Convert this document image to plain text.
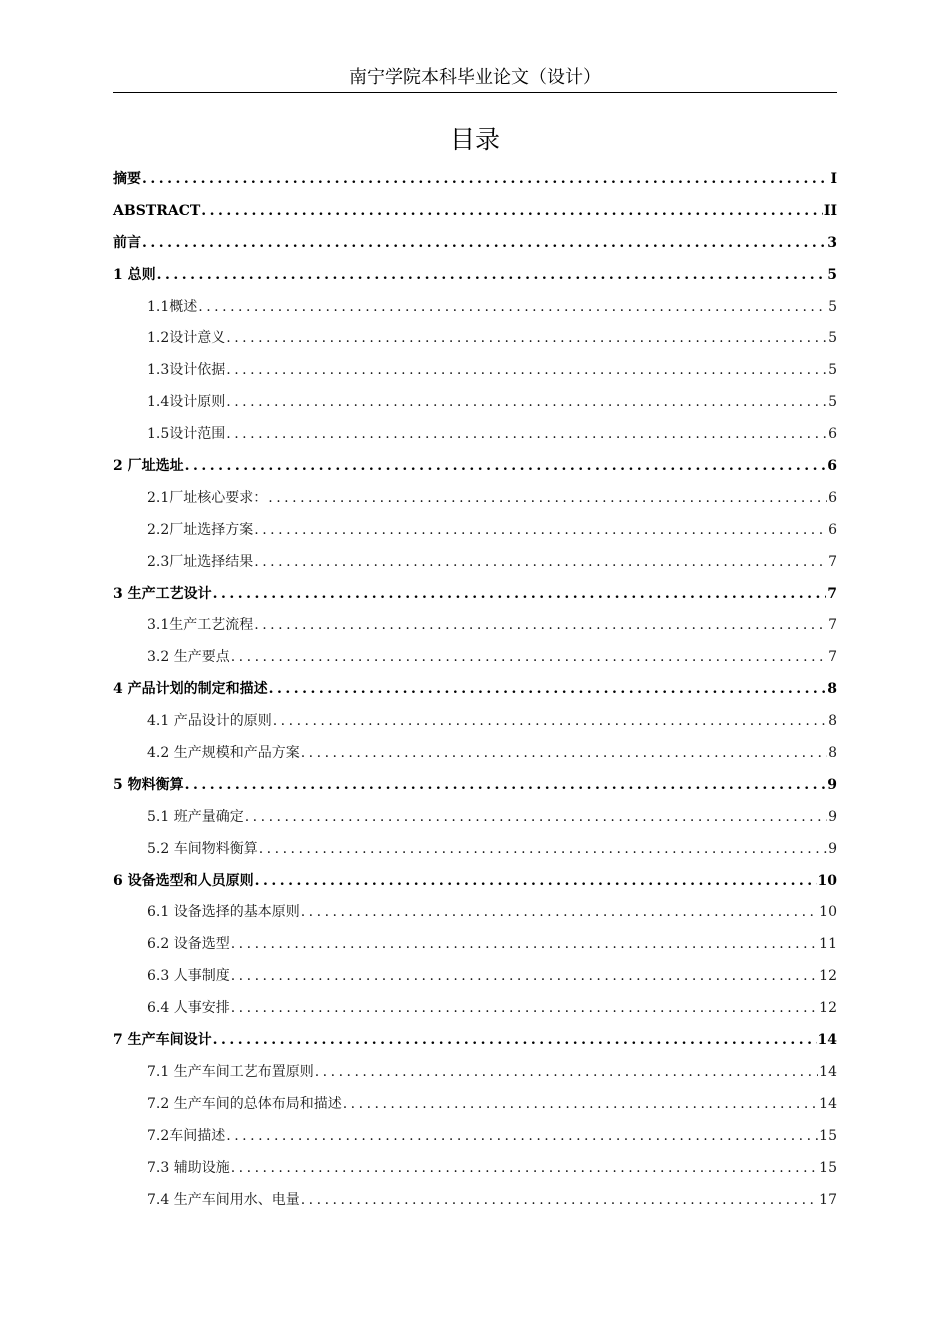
南宁学院本科毕业论文（设计）
目录
摘要 .....	I
ABSTRACT .....	II
前言 .....	3
1 总则 .....	5
1.1概述 .....	5
1.2设计意义 .....	5
1.3设计依据 .....	5
1.4设计原则 .....	5
1.5设计范围 .....	6
2 厂址选址 .....	6
2.1厂址核心要求： .....	6
2.2厂址选择方案 .....	6
2.3厂址选择结果 .....	7
3 生产工艺设计 .....	7
3.1生产工艺流程 .....	7
3.2 生产要点 .....	7
4 产品计划的制定和描述 .....	8
4.1 产品设计的原则 .....	8
4.2 生产规模和产品方案 .....	8
5 物料衡算 .....	9
5.1 班产量确定 .....	9
5.2 车间物料衡算 .....	9
6 设备选型和人员原则 .....	10
6.1 设备选择的基本原则 .....	10
6.2 设备选型 .....	11
6.3 人事制度 .....	12
6.4 人事安排 .....	12
7 生产车间设计 .....	14
7.1 生产车间工艺布置原则 .....	14
7.2 生产车间的总体布局和描述 .....	14
7.2车间描述 .....	15
7.3 辅助设施 .....	15
7.4 生产车间用水、电量 .....	17
